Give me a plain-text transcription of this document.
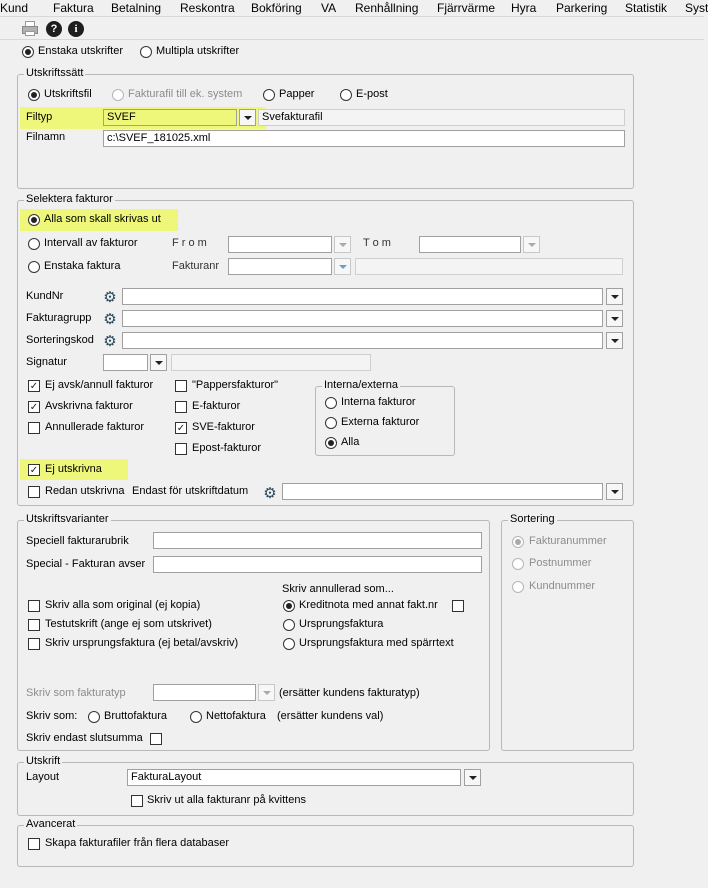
Kund Faktura Betalning Reskontra Bokföring VA Renhållning Fjärrvärme Hyra Parkering Statistik Syst
?	i
Enstaka utskrifter	Multipla utskrifter
Utskriftssätt
Utskriftsfil	Fakturafil till ek. system	Papper	E-post
Filtyp	SVEF	Svefakturafil
Filnamn	c:\SVEF_181025.xml
Selektera fakturor
Alla som skall skrivas ut
Intervall av fakturor	F r o m	T o m
Enstaka faktura	Fakturanr
KundNr	⚙
Fakturagrupp ⚙
Sorteringskod ⚙
Signatur
✓
Ej avsk/annull fakturor
✓
Avskrivna fakturor
Annullerade fakturor
"Pappersfakturor"
E-fakturor
✓
SVE-fakturor
Epost-fakturor
Interna/externa
Interna fakturor
Externa fakturor
Alla
✓
Ej utskrivna
Redan utskrivna Endast för utskriftdatum ⚙
Utskriftsvarianter
Speciell fakturarubrik
Special - Fakturan avser
Skriv annullerad som...
Skriv alla som original (ej kopia)
Testutskrift (ange ej som utskrivet)
Skriv ursprungsfaktura (ej betal/avskriv)
Kreditnota med annat fakt.nr
Ursprungsfaktura
Ursprungsfaktura med spärrtext
Skriv som fakturatyp	(ersätter kundens fakturatyp)
Skriv som: Bruttofaktura	Nettofaktura (ersätter kundens val)
Skriv endast slutsumma
Sortering
Fakturanummer
Postnummer
Kundnummer
Utskrift
Layout	FakturaLayout
Skriv ut alla fakturanr på kvittens
Avancerat
Skapa fakturafiler från flera databaser
